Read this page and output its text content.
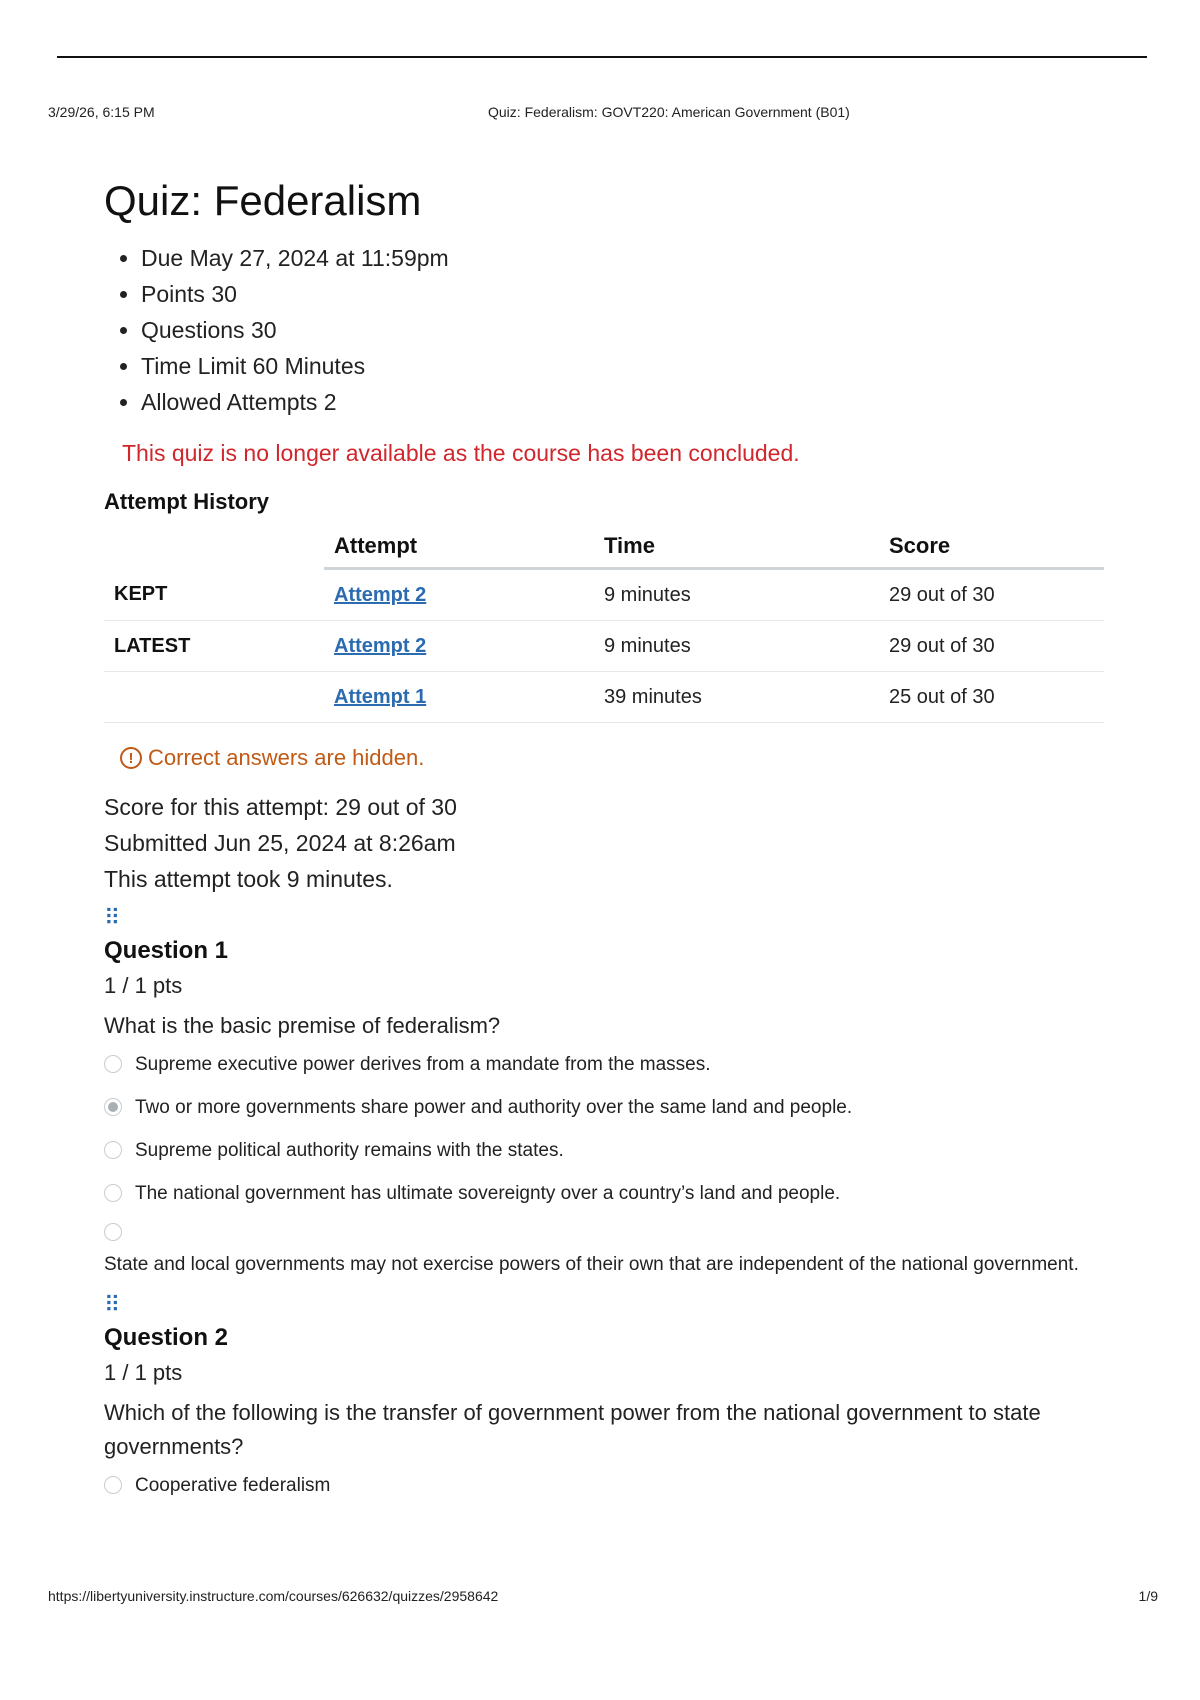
3/29/26, 6:15 PM	Quiz: Federalism: GOVT220: American Government (B01)
Quiz: Federalism
• Due May 27, 2024 at 11:59pm
• Points 30
• Questions 30
• Time Limit 60 Minutes
• Allowed Attempts 2
This quiz is no longer available as the course has been concluded.
Attempt History
	Attempt	Time	Score
KEPT	Attempt 2	9 minutes	29 out of 30
LATEST	Attempt 2	9 minutes	29 out of 30
	Attempt 1	39 minutes	25 out of 30
! Correct answers are hidden.
Score for this attempt: 29 out of 30
Submitted Jun 25, 2024 at 8:26am
This attempt took 9 minutes.
⠿
Question 1
1 / 1 pts
What is the basic premise of federalism?
Supreme executive power derives from a mandate from the masses.
Two or more governments share power and authority over the same land and people.
Supreme political authority remains with the states.
The national government has ultimate sovereignty over a country’s land and people.
State and local governments may not exercise powers of their own that are independent of the national government.
⠿
Question 2
1 / 1 pts
Which of the following is the transfer of government power from the national government to state governments?
Cooperative federalism
https://libertyuniversity.instructure.com/courses/626632/quizzes/2958642	1/9
